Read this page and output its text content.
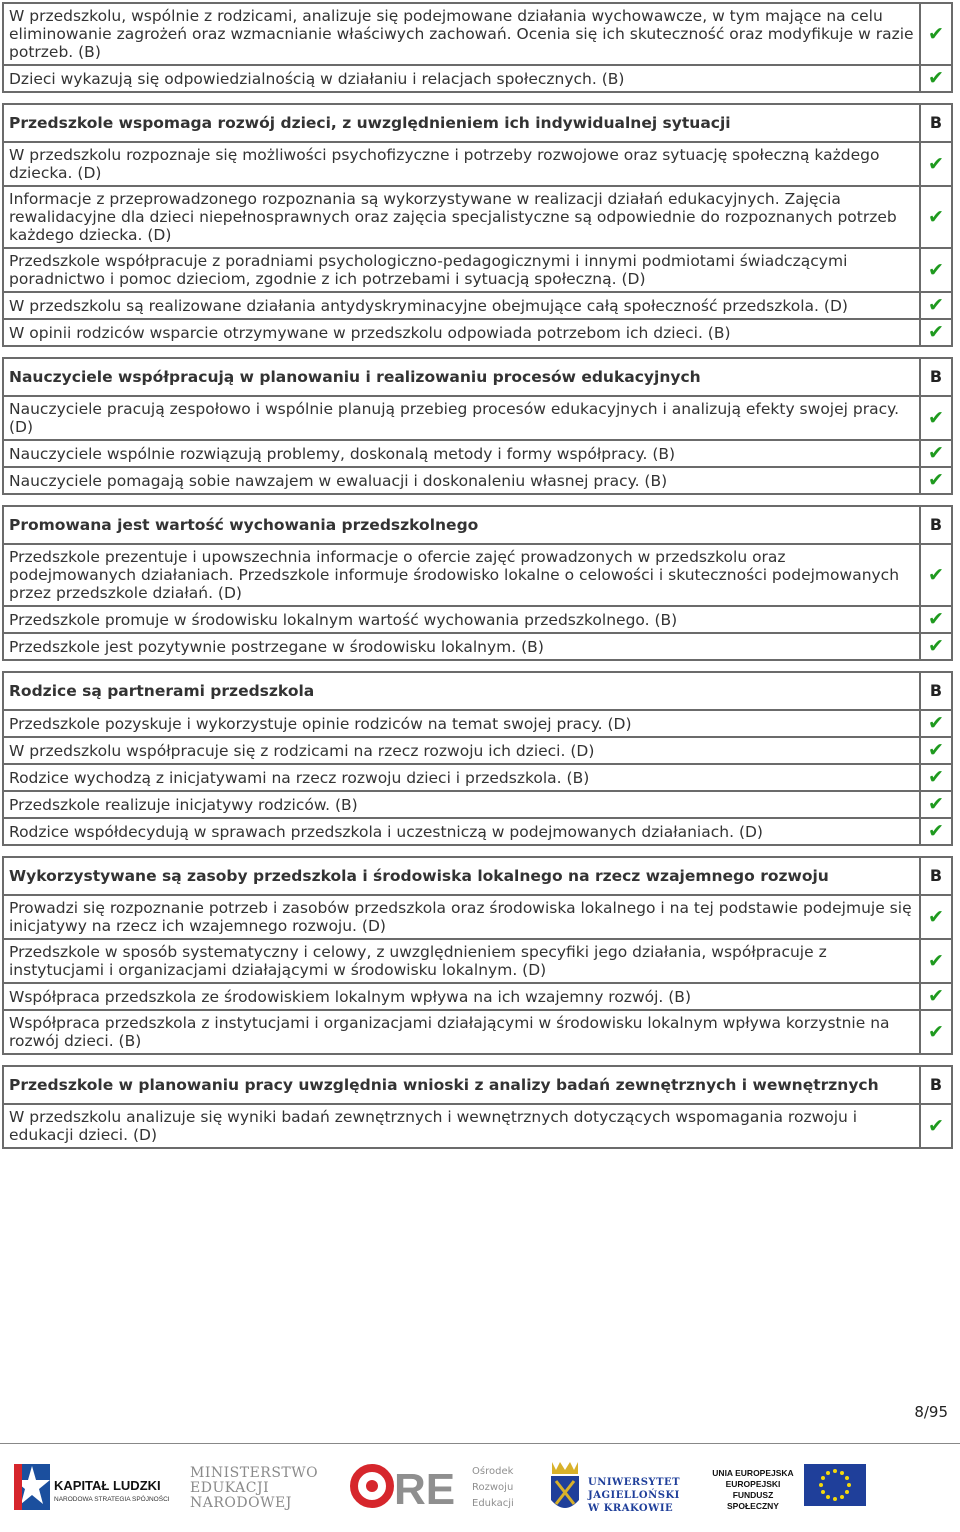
W przedszkolu, wspólnie z rodzicami, analizuje się podejmowane działania wychowawcze, w tym mające na celu eliminowanie zagrożeń oraz wzmacnianie właściwych zachowań. Ocenia się ich skuteczność oraz modyfikuje w razie potrzeb. (B)	✔
Dzieci wykazują się odpowiedzialnością w działaniu i relacjach społecznych. (B)	✔
Przedszkole wspomaga rozwój dzieci, z uwzględnieniem ich indywidualnej sytuacji	B
W przedszkolu rozpoznaje się możliwości psychofizyczne i potrzeby rozwojowe oraz sytuację społeczną każdego dziecka. (D)	✔
Informacje z przeprowadzonego rozpoznania są wykorzystywane w realizacji działań edukacyjnych. Zajęcia rewalidacyjne dla dzieci niepełnosprawnych oraz zajęcia specjalistyczne są odpowiednie do rozpoznanych potrzeb każdego dziecka. (D)	✔
Przedszkole współpracuje z poradniami psychologiczno-pedagogicznymi i innymi podmiotami świadczącymi poradnictwo i pomoc dzieciom, zgodnie z ich potrzebami i sytuacją społeczną. (D)	✔
W przedszkolu są realizowane działania antydyskryminacyjne obejmujące całą społeczność przedszkola. (D)	✔
W opinii rodziców wsparcie otrzymywane w przedszkolu odpowiada potrzebom ich dzieci. (B)	✔
Nauczyciele współpracują w planowaniu i realizowaniu procesów edukacyjnych	B
Nauczyciele pracują zespołowo i wspólnie planują przebieg procesów edukacyjnych i analizują efekty swojej pracy. (D)	✔
Nauczyciele wspólnie rozwiązują problemy, doskonalą metody i formy współpracy. (B)	✔
Nauczyciele pomagają sobie nawzajem w ewaluacji i doskonaleniu własnej pracy. (B)	✔
Promowana jest wartość wychowania przedszkolnego	B
Przedszkole prezentuje i upowszechnia informacje o ofercie zajęć prowadzonych w przedszkolu oraz podejmowanych działaniach. Przedszkole informuje środowisko lokalne o celowości i skuteczności podejmowanych przez przedszkole działań. (D)	✔
Przedszkole promuje w środowisku lokalnym wartość wychowania przedszkolnego. (B)	✔
Przedszkole jest pozytywnie postrzegane w środowisku lokalnym. (B)	✔
Rodzice są partnerami przedszkola	B
Przedszkole pozyskuje i wykorzystuje opinie rodziców na temat swojej pracy. (D)	✔
W przedszkolu współpracuje się z rodzicami na rzecz rozwoju ich dzieci. (D)	✔
Rodzice wychodzą z inicjatywami na rzecz rozwoju dzieci i przedszkola. (B)	✔
Przedszkole realizuje inicjatywy rodziców. (B)	✔
Rodzice współdecydują w sprawach przedszkola i uczestniczą w podejmowanych działaniach. (D)	✔
Wykorzystywane są zasoby przedszkola i środowiska lokalnego na rzecz wzajemnego rozwoju	B
Prowadzi się rozpoznanie potrzeb i zasobów przedszkola oraz środowiska lokalnego i na tej podstawie podejmuje się inicjatywy na rzecz ich wzajemnego rozwoju. (D)	✔
Przedszkole w sposób systematyczny i celowy, z uwzględnieniem specyfiki jego działania, współpracuje z instytucjami i organizacjami działającymi w środowisku lokalnym. (D)	✔
Współpraca przedszkola ze środowiskiem lokalnym wpływa na ich wzajemny rozwój. (B)	✔
Współpraca przedszkola z instytucjami i organizacjami działającymi w środowisku lokalnym wpływa korzystnie na rozwój dzieci. (B)	✔
Przedszkole w planowaniu pracy uwzględnia wnioski z analizy badań zewnętrznych i wewnętrznych	B
W przedszkolu analizuje się wyniki badań zewnętrznych i wewnętrznych dotyczących wspomagania rozwoju i edukacji dzieci. (D)	✔
8/95
KAPITAŁ LUDZKI
NARODOWA STRATEGIA SPÓJNOŚCI
MINISTERSTWO
EDUKACJI
NARODOWEJ	RE Ośrodek
Rozwoju
Edukacji
UNIWERSYTET
JAGIELLOŃSKI
W KRAKOWIE
UNIA EUROPEJSKA
EUROPEJSKI
FUNDUSZ SPOŁECZNY
